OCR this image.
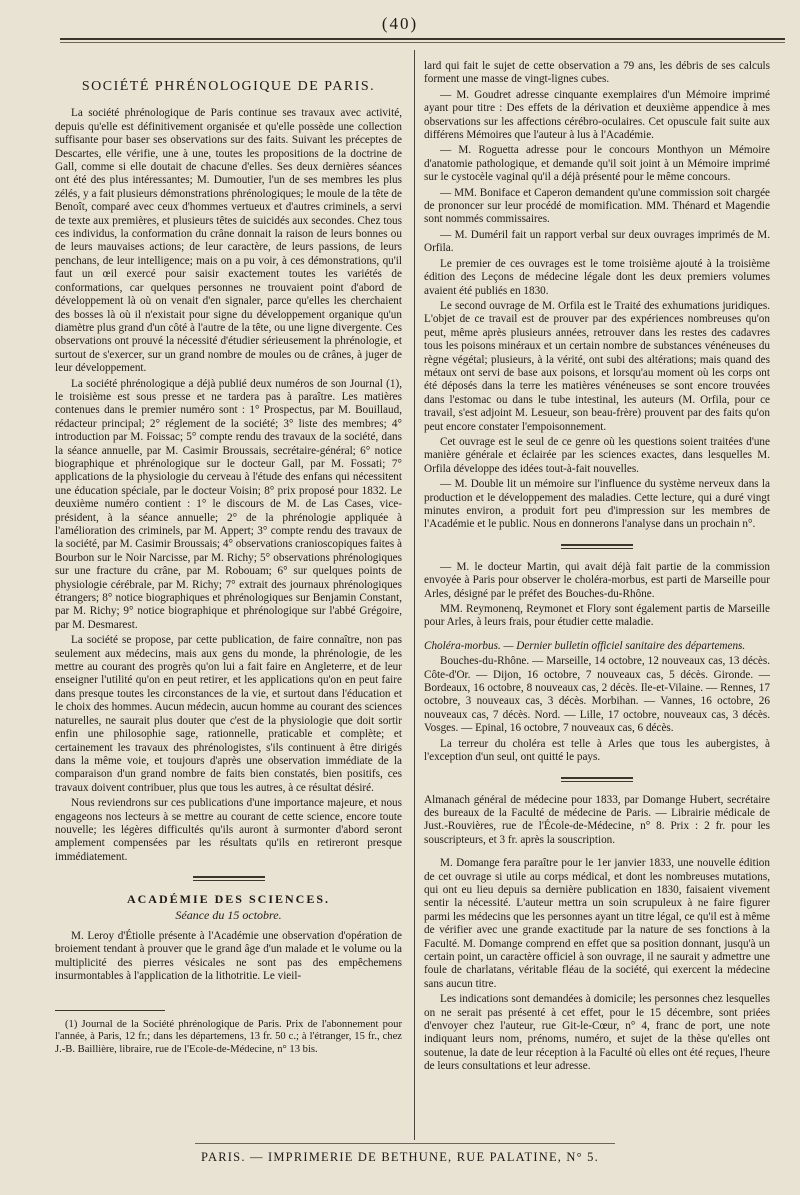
(40)
SOCIÉTÉ PHRÉNOLOGIQUE DE PARIS.

La société phrénologique de Paris continue ses travaux avec activité, depuis qu'elle est définitivement organisée et qu'elle possède une collection suffisante pour baser ses observations sur des faits. Suivant les préceptes de Descartes, elle vérifie, une à une, toutes les propositions de la doctrine de Gall, comme si elle doutait de chacune d'elles. Ses deux dernières séances ont été des plus intéressantes; M. Dumoutier, l'un de ses membres les plus zélés, y a fait plusieurs démonstrations phrénologiques; le moule de la tête de Benoît, comparé avec ceux d'hommes vertueux et d'autres criminels, a servi de texte aux premières, et plusieurs têtes de suicidés aux secondes. Chez tous ces individus, la conformation du crâne donnait la raison de leurs bonnes ou de leurs mauvaises actions; de leur caractère, de leurs passions, de leurs penchans, de leur intelligence; mais on a pu voir, à ces démonstrations, qu'il faut un œil exercé pour saisir exactement toutes les variétés de conformations, car quelques personnes ne trouvaient point d'abord de développement là où on venait d'en signaler, parce qu'elles les cherchaient des bosses là où il n'existait pour signe du développement organique qu'un diamètre plus grand d'un côté à l'autre de la tête, ou une ligne divergente. Ces observations ont prouvé la nécessité d'étudier sérieusement la phrénologie, et surtout de s'exercer, sur un grand nombre de moules ou de crânes, à juger de leur développement.

La société phrénologique a déjà publié deux numéros de son Journal (1), le troisième est sous presse et ne tardera pas à paraître. Les matières contenues dans le premier numéro sont : 1° Prospectus, par M. Bouillaud, rédacteur principal; 2° réglement de la société; 3° liste des membres; 4° introduction par M. Foissac; 5° compte rendu des travaux de la société, dans la séance annuelle, par M. Casimir Broussais, secrétaire-général; 6° notice biographique et phrénologique sur le docteur Gall, par M. Fossati; 7° applications de la physiologie du cerveau à l'étude des enfans qui nécessitent une éducation spéciale, par le docteur Voisin; 8° prix proposé pour 1832. Le deuxième numéro contient : 1° le discours de M. de Las Cases, vice-président, à la séance annuelle; 2° de la phrénologie appliquée à l'amélioration des criminels, par M. Appert; 3° compte rendu des travaux de la société, par M. Casimir Broussais; 4° observations cranioscopiques faites à Bourbon sur le Noir Narcisse, par M. Richy; 5° observations phrénologiques sur une fracture du crâne, par M. Robouam; 6° sur quelques points de physiologie cérébrale, par M. Richy; 7° extrait des journaux phrénologiques étrangers; 8° notice biographiques et phrénologiques sur Benjamin Constant, par M. Richy; 9° notice biographique et phrénologique sur l'abbé Grégoire, par M. Desmarest.

La société se propose, par cette publication, de faire connaître, non pas seulement aux médecins, mais aux gens du monde, la phrénologie, de les mettre au courant des progrès qu'on lui a fait faire en Angleterre, et de leur enseigner l'utilité qu'on en peut retirer, et les applications qu'on en peut faire dans presque toutes les circonstances de la vie, et surtout dans l'éducation et le choix des hommes. Aucun médecin, aucun homme au courant des sciences naturelles, ne saurait plus douter que c'est de la physiologie que doit sortir enfin une philosophie sage, rationnelle, praticable et complète; et certainement les travaux des phrénologistes, s'ils continuent à être dirigés dans la même voie, et toujours d'après une observation immédiate de la comparaison d'un grand nombre de faits bien constatés, bien positifs, ces travaux doivent contribuer, plus que tous les autres, à ce résultat désiré.

Nous reviendrons sur ces publications d'une importance majeure, et nous engageons nos lecteurs à se mettre au courant de cette science, encore toute nouvelle; les légères difficultés qu'ils auront à surmonter d'abord seront amplement compensées par les résultats qu'ils en retireront presque immédiatement.

ACADÉMIE DES SCIENCES.
Séance du 15 octobre.

M. Leroy d'Étiolle présente à l'Académie une observation d'opération de broiement tendant à prouver que le grand âge d'un malade et le volume ou la multiplicité des pierres vésicales ne sont pas des empêchemens insurmontables à l'application de la lithotritie. Le vieil-

(1) Journal de la Société phrénologique de Paris. Prix de l'abonnement pour l'année, à Paris, 12 fr.; dans les départemens, 13 fr. 50 c.; à l'étranger, 15 fr., chez J.-B. Baillière, libraire, rue de l'Ecole-de-Médecine, n° 13 bis.

lard qui fait le sujet de cette observation a 79 ans, les débris de ses calculs forment une masse de vingt-lignes cubes.

— M. Goudret adresse cinquante exemplaires d'un Mémoire imprimé ayant pour titre : Des effets de la dérivation et deuxième appendice à mes observations sur les affections cérébro-oculaires. Cet opuscule fait suite aux différens Mémoires que l'auteur à lus à l'Académie.

— M. Roguetta adresse pour le concours Monthyon un Mémoire d'anatomie pathologique, et demande qu'il soit joint à un Mémoire imprimé sur le cystocèle vaginal qu'il a déjà présenté pour le même concours.

— MM. Boniface et Caperon demandent qu'une commission soit chargée de prononcer sur leur procédé de momification. MM. Thénard et Magendie sont nommés commissaires.

— M. Duméril fait un rapport verbal sur deux ouvrages imprimés de M. Orfila.

Le premier de ces ouvrages est le tome troisième ajouté à la troisième édition des Leçons de médecine légale dont les deux premiers volumes avaient été publiés en 1830.

Le second ouvrage de M. Orfila est le Traité des exhumations juridiques. L'objet de ce travail est de prouver par des expériences nombreuses qu'on peut, même après plusieurs années, retrouver dans les restes des cadavres tous les poisons minéraux et un certain nombre de substances vénéneuses du règne végétal; plusieurs, à la vérité, ont subi des altérations; mais quand des métaux ont servi de base aux poisons, et lorsqu'au moment où les corps ont été déposés dans la terre les matières vénéneuses se sont encore trouvées dans l'estomac ou dans le tube intestinal, les auteurs (M. Orfila, pour ce travail, s'est adjoint M. Lesueur, son beau-frère) prouvent par des faits qu'on peut encore constater l'empoisonnement.

Cet ouvrage est le seul de ce genre où les questions soient traitées d'une manière générale et éclairée par les sciences exactes, dans lesquelles M. Orfila développe des idées tout-à-fait nouvelles.

— M. Double lit un mémoire sur l'influence du système nerveux dans la production et le développement des maladies. Cette lecture, qui a duré vingt minutes environ, a produit fort peu d'impression sur les membres de l'Académie et le public. Nous en donnerons l'analyse dans un prochain n°.

— M. le docteur Martin, qui avait déjà fait partie de la commission envoyée à Paris pour observer le choléra-morbus, est parti de Marseille pour Arles, désigné par le préfet des Bouches-du-Rhône.

MM. Reymonenq, Reymonet et Flory sont également partis de Marseille pour Arles, à leurs frais, pour étudier cette maladie.

Choléra-morbus. — Dernier bulletin officiel sanitaire des départemens.

Bouches-du-Rhône. — Marseille, 14 octobre, 12 nouveaux cas, 13 décès. Côte-d'Or. — Dijon, 16 octobre, 7 nouveaux cas, 5 décès. Gironde. — Bordeaux, 16 octobre, 8 nouveaux cas, 2 décès. Ile-et-Vilaine. — Rennes, 17 octobre, 3 nouveaux cas, 3 décès. Morbihan. — Vannes, 16 octobre, 26 nouveaux cas, 7 décès. Nord. — Lille, 17 octobre, nouveaux cas, 3 décès. Vosges. — Epinal, 16 octobre, 7 nouveaux cas, 6 décès.

La terreur du choléra est telle à Arles que tous les aubergistes, à l'exception d'un seul, ont quitté le pays.

Almanach général de médecine pour 1833, par Domange Hubert, secrétaire des bureaux de la Faculté de médecine de Paris. — Librairie médicale de Just.-Rouvières, rue de l'École-de-Médecine, n° 8. Prix : 2 fr. pour les souscripteurs, et 3 fr. après la souscription.

M. Domange fera paraître pour le 1er janvier 1833, une nouvelle édition de cet ouvrage si utile au corps médical, et dont les nombreuses mutations, qui ont eu lieu depuis sa dernière publication en 1830, faisaient vivement sentir la nécessité. L'auteur mettra un soin scrupuleux à ne faire figurer parmi les médecins que les personnes ayant un titre légal, ce qu'il est à même de vérifier avec une grande exactitude par la nature de ses fonctions à la Faculté. M. Domange comprend en effet que sa position donnant, jusqu'à un certain point, un caractère officiel à son ouvrage, il ne saurait y admettre une foule de charlatans, véritable fléau de la société, qui exercent la médecine sans aucun titre.

Les indications sont demandées à domicile; les personnes chez lesquelles on ne serait pas présenté à cet effet, pour le 15 décembre, sont priées d'envoyer chez l'auteur, rue Git-le-Cœur, n° 4, franc de port, une note indiquant leurs nom, prénoms, numéro, et sujet de la thèse qu'elles ont soutenue, la date de leur réception à la Faculté où elles ont été reçues, l'heure de leurs consultations et leur adresse.

PARIS. — IMPRIMERIE DE BETHUNE, RUE PALATINE, N° 5.
